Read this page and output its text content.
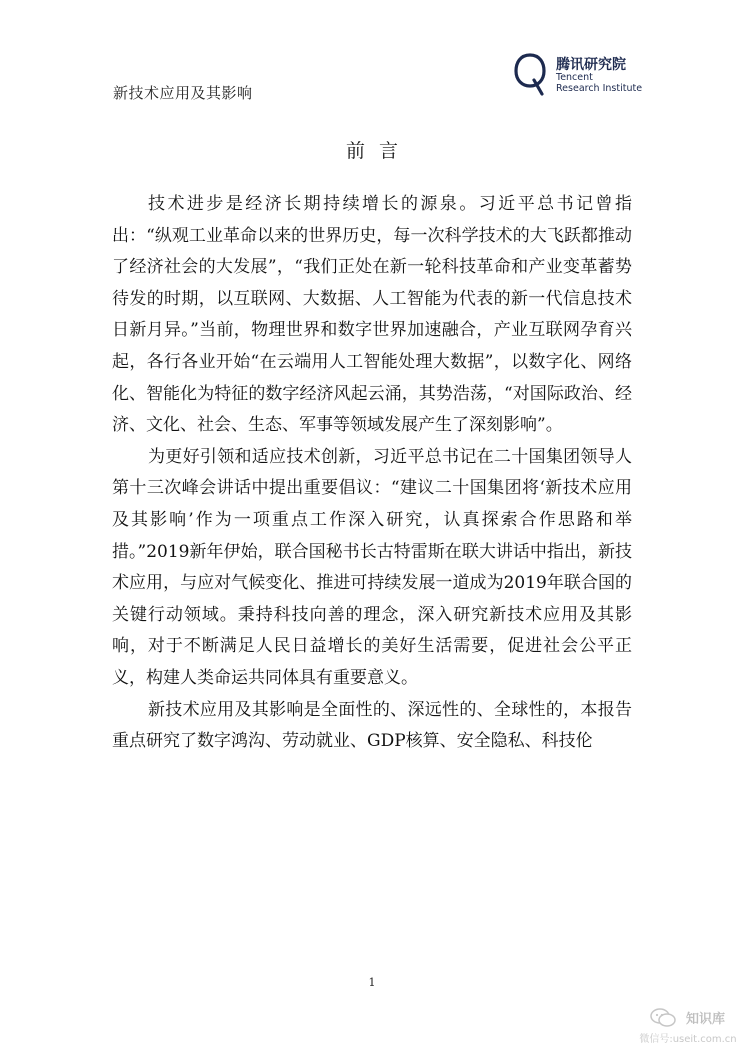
新技术应用及其影响
腾讯研究院
Tencent
Research Institute
前言

技术进步是经济长期持续增长的源泉。习近平总书记曾指出：“纵观工业革命以来的世界历史，每一次科学技术的大飞跃都推动了经济社会的大发展”，“我们正处在新一轮科技革命和产业变革蓄势待发的时期，以互联网、大数据、人工智能为代表的新一代信息技术日新月异。”当前，物理世界和数字世界加速融合，产业互联网孕育兴起，各行各业开始“在云端用人工智能处理大数据”，以数字化、网络化、智能化为特征的数字经济风起云涌，其势浩荡，“对国际政治、经济、文化、社会、生态、军事等领域发展产生了深刻影响”。

为更好引领和适应技术创新，习近平总书记在二十国集团领导人第十三次峰会讲话中提出重要倡议：“建议二十国集团将‘新技术应用及其影响’作为一项重点工作深入研究，认真探索合作思路和举措。”2019新年伊始，联合国秘书长古特雷斯在联大讲话中指出，新技术应用，与应对气候变化、推进可持续发展一道成为2019年联合国的关键行动领域。秉持科技向善的理念，深入研究新技术应用及其影响，对于不断满足人民日益增长的美好生活需要，促进社会公平正义，构建人类命运共同体具有重要意义。

新技术应用及其影响是全面性的、深远性的、全球性的，本报告重点研究了数字鸿沟、劳动就业、GDP核算、安全隐私、科技伦

1
知识库
微信号:useit.com.cn
